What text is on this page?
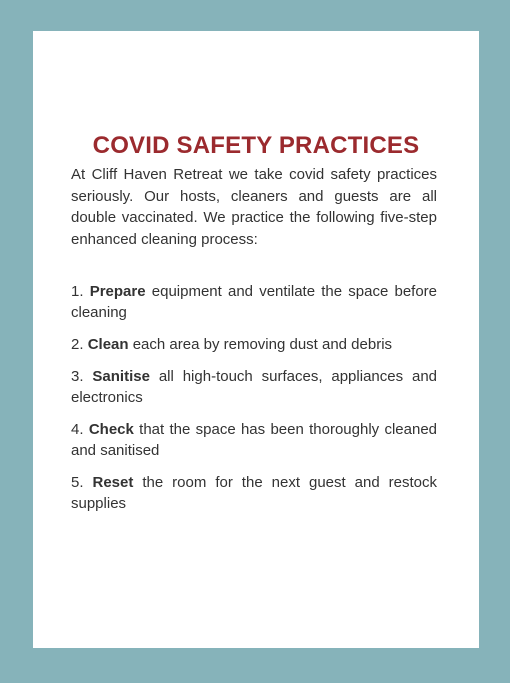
COVID SAFETY PRACTICES

At Cliff Haven Retreat we take covid safety practices seriously. Our hosts, cleaners and guests are all double vaccinated. We practice the following five-step enhanced cleaning process:

1. Prepare equipment and ventilate the space before cleaning
2. Clean each area by removing dust and debris
3. Sanitise all high-touch surfaces, appliances and electronics
4. Check that the space has been thoroughly cleaned and sanitised
5. Reset the room for the next guest and restock supplies
